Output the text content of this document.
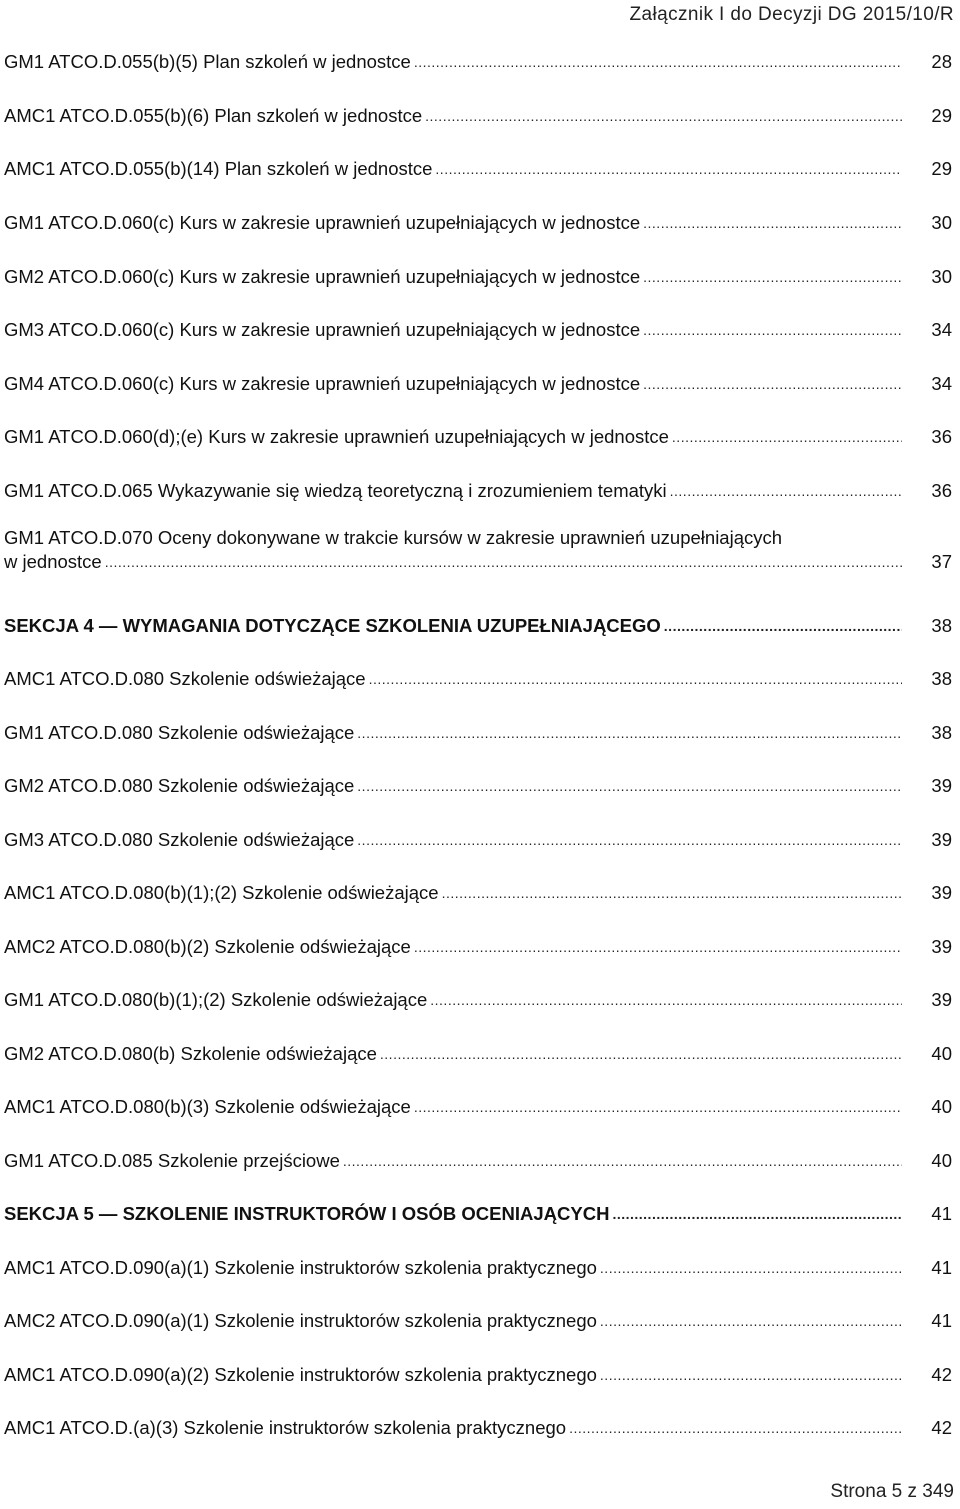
Załącznik I do Decyzji DG 2015/10/R
GM1 ATCO.D.055(b)(5) Plan szkoleń w jednostce .....	28
AMC1 ATCO.D.055(b)(6) Plan szkoleń w jednostce .....	29
AMC1 ATCO.D.055(b)(14) Plan szkoleń w jednostce .....	29
GM1 ATCO.D.060(c) Kurs w zakresie uprawnień uzupełniających w jednostce .....	30
GM2 ATCO.D.060(c) Kurs w zakresie uprawnień uzupełniających w jednostce .....	30
GM3 ATCO.D.060(c) Kurs w zakresie uprawnień uzupełniających w jednostce .....	34
GM4 ATCO.D.060(c) Kurs w zakresie uprawnień uzupełniających w jednostce .....	34
GM1 ATCO.D.060(d);(e) Kurs w zakresie uprawnień uzupełniających w jednostce .....	36
GM1 ATCO.D.065 Wykazywanie się wiedzą teoretyczną i zrozumieniem tematyki .....	36
GM1 ATCO.D.070 Oceny dokonywane w trakcie kursów w zakresie uprawnień uzupełniających
w jednostce .....	37
SEKCJA 4 — WYMAGANIA DOTYCZĄCE SZKOLENIA UZUPEŁNIAJĄCEGO .....	38
AMC1 ATCO.D.080 Szkolenie odświeżające .....	38
GM1 ATCO.D.080 Szkolenie odświeżające .....	38
GM2 ATCO.D.080 Szkolenie odświeżające .....	39
GM3 ATCO.D.080 Szkolenie odświeżające .....	39
AMC1 ATCO.D.080(b)(1);(2) Szkolenie odświeżające .....	39
AMC2 ATCO.D.080(b)(2) Szkolenie odświeżające .....	39
GM1 ATCO.D.080(b)(1);(2) Szkolenie odświeżające .....	39
GM2 ATCO.D.080(b) Szkolenie odświeżające .....	40
AMC1 ATCO.D.080(b)(3) Szkolenie odświeżające .....	40
GM1 ATCO.D.085 Szkolenie przejściowe .....	40
SEKCJA 5 — SZKOLENIE INSTRUKTORÓW I OSÓB OCENIAJĄCYCH .....	41
AMC1 ATCO.D.090(a)(1) Szkolenie instruktorów szkolenia praktycznego .....	41
AMC2 ATCO.D.090(a)(1) Szkolenie instruktorów szkolenia praktycznego .....	41
AMC1 ATCO.D.090(a)(2) Szkolenie instruktorów szkolenia praktycznego .....	42
AMC1 ATCO.D.(a)(3) Szkolenie instruktorów szkolenia praktycznego .....	42
Strona 5 z 349
